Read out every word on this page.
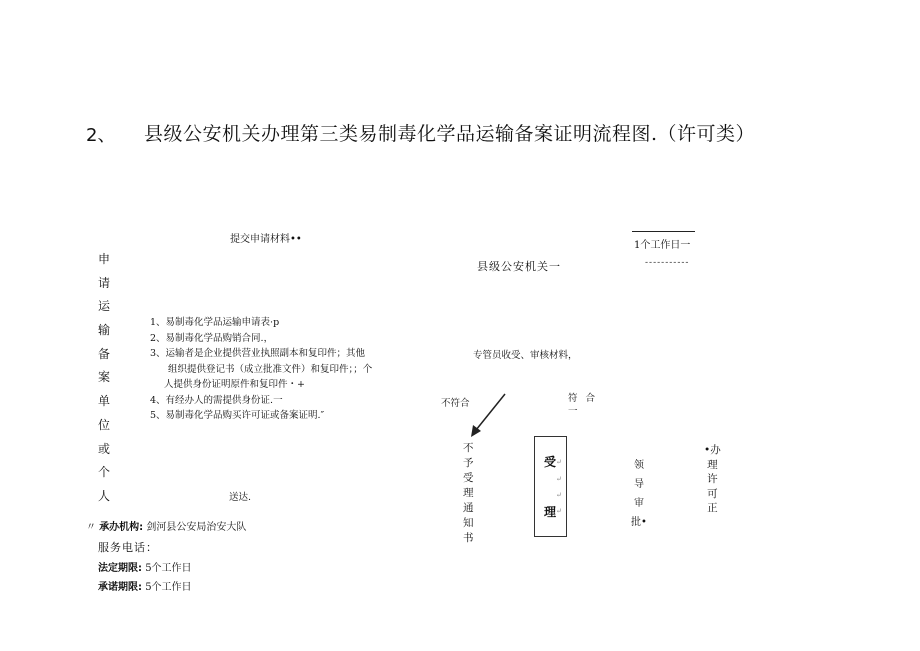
2、 县级公安机关办理第三类易制毒化学品运输备案证明流程图.（许可类）
申
请
运
输
备
案
单
位
或
个
人
提交申请材料••
1、易制毒化学品运输申请表·p
2、易制毒化学品购销合同.，
3、运输者是企业提供营业执照副本和复印件；其他
组织提供登记书（成立批准文件）和复印件；；个
人提供身份证明原件和复印件・+
4、有经办人的需提供身份证.一
5、易制毒化学品购买许可证或备案证明.″
送达.
〃 承办机构: 剑河县公安局治安大队
服务电话：
法定期限: 5个工作日
承诺期限: 5个工作日
1个工作日一
-----------
县级公安机关一
专管员收受、审核材料，
不符合	符合
一
不
予
受
理
通
知
书
受 ↵
↵
↵
理 ↵
领
导
审
批•
•办
理
许
可
正
